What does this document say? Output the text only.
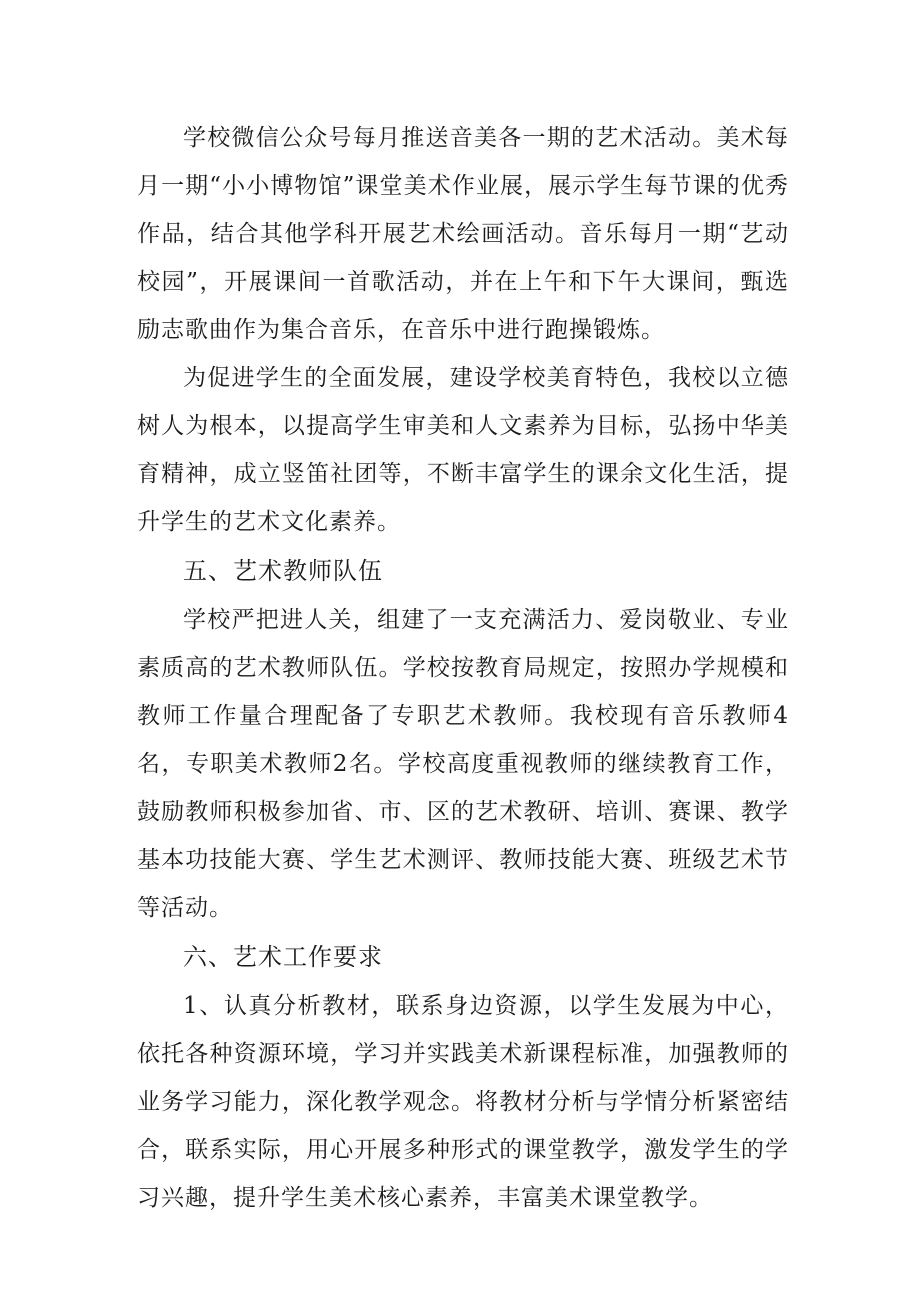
学校微信公众号每月推送音美各一期的艺术活动。美术每月一期“小小博物馆”课堂美术作业展，展示学生每节课的优秀作品，结合其他学科开展艺术绘画活动。音乐每月一期“艺动校园”，开展课间一首歌活动，并在上午和下午大课间，甄选励志歌曲作为集合音乐，在音乐中进行跑操锻炼。

为促进学生的全面发展，建设学校美育特色，我校以立德树人为根本，以提高学生审美和人文素养为目标，弘扬中华美育精神，成立竖笛社团等，不断丰富学生的课余文化生活，提升学生的艺术文化素养。

五、艺术教师队伍

学校严把进人关，组建了一支充满活力、爱岗敬业、专业素质高的艺术教师队伍。学校按教育局规定，按照办学规模和教师工作量合理配备了专职艺术教师。我校现有音乐教师4名，专职美术教师2名。学校高度重视教师的继续教育工作，鼓励教师积极参加省、市、区的艺术教研、培训、赛课、教学基本功技能大赛、学生艺术测评、教师技能大赛、班级艺术节等活动。

六、艺术工作要求

1、认真分析教材，联系身边资源，以学生发展为中心，依托各种资源环境，学习并实践美术新课程标准，加强教师的业务学习能力，深化教学观念。将教材分析与学情分析紧密结合，联系实际，用心开展多种形式的课堂教学，激发学生的学习兴趣，提升学生美术核心素养，丰富美术课堂教学。
